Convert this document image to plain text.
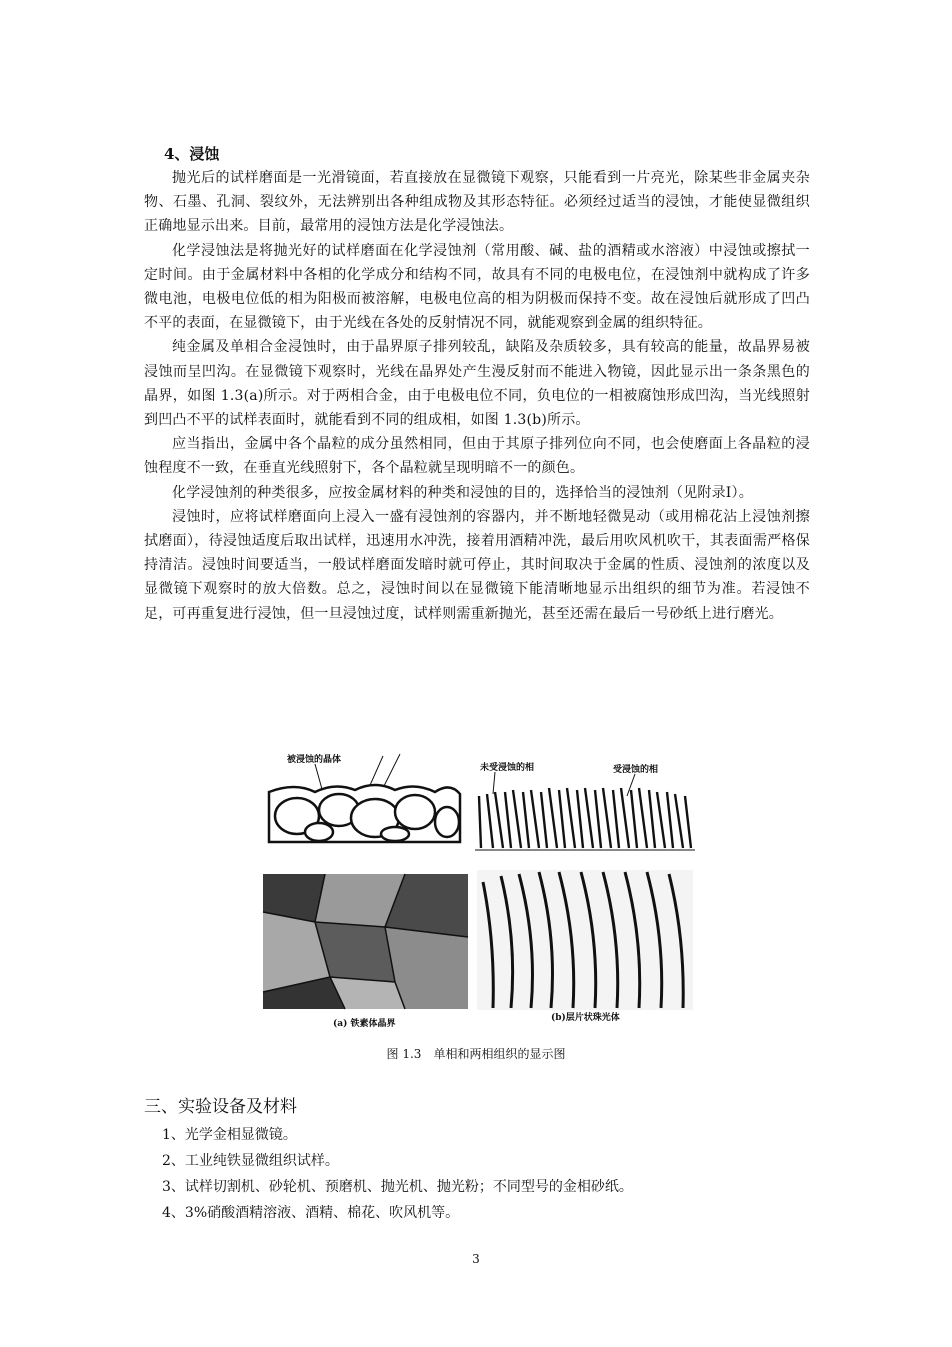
4、浸蚀

抛光后的试样磨面是一光滑镜面，若直接放在显微镜下观察，只能看到一片亮光，除某些非金属夹杂物、石墨、孔洞、裂纹外，无法辨别出各种组成物及其形态特征。必须经过适当的浸蚀，才能使显微组织正确地显示出来。目前，最常用的浸蚀方法是化学浸蚀法。

化学浸蚀法是将抛光好的试样磨面在化学浸蚀剂（常用酸、碱、盐的酒精或水溶液）中浸蚀或擦拭一定时间。由于金属材料中各相的化学成分和结构不同，故具有不同的电极电位，在浸蚀剂中就构成了许多微电池，电极电位低的相为阳极而被溶解，电极电位高的相为阴极而保持不变。故在浸蚀后就形成了凹凸不平的表面，在显微镜下，由于光线在各处的反射情况不同，就能观察到金属的组织特征。

纯金属及单相合金浸蚀时，由于晶界原子排列较乱，缺陷及杂质较多，具有较高的能量，故晶界易被浸蚀而呈凹沟。在显微镜下观察时，光线在晶界处产生漫反射而不能进入物镜，因此显示出一条条黑色的晶界，如图 1.3(a)所示。对于两相合金，由于电极电位不同，负电位的一相被腐蚀形成凹沟，当光线照射到凹凸不平的试样表面时，就能看到不同的组成相，如图 1.3(b)所示。

应当指出，金属中各个晶粒的成分虽然相同，但由于其原子排列位向不同，也会使磨面上各晶粒的浸蚀程度不一致，在垂直光线照射下，各个晶粒就呈现明暗不一的颜色。

化学浸蚀剂的种类很多，应按金属材料的种类和浸蚀的目的，选择恰当的浸蚀剂（见附录Ⅰ）。

浸蚀时，应将试样磨面向上浸入一盛有浸蚀剂的容器内，并不断地轻微晃动（或用棉花沾上浸蚀剂擦拭磨面），待浸蚀适度后取出试样，迅速用水冲洗，接着用酒精冲洗，最后用吹风机吹干，其表面需严格保持清洁。浸蚀时间要适当，一般试样磨面发暗时就可停止，其时间取决于金属的性质、浸蚀剂的浓度以及显微镜下观察时的放大倍数。总之，浸蚀时间以在显微镜下能清晰地显示出组织的细节为准。若浸蚀不足，可再重复进行浸蚀，但一旦浸蚀过度，试样则需重新抛光，甚至还需在最后一号砂纸上进行磨光。

被浸蚀的晶体
未受浸蚀的相	受浸蚀的相
(a) 铁素体晶界
(b)层片状珠光体
图 1.3　单相和两相组织的显示图
三、实验设备及材料
1、光学金相显微镜。
2、工业纯铁显微组织试样。
3、试样切割机、砂轮机、预磨机、抛光机、抛光粉；不同型号的金相砂纸。
4、3%硝酸酒精溶液、酒精、棉花、吹风机等。
3
